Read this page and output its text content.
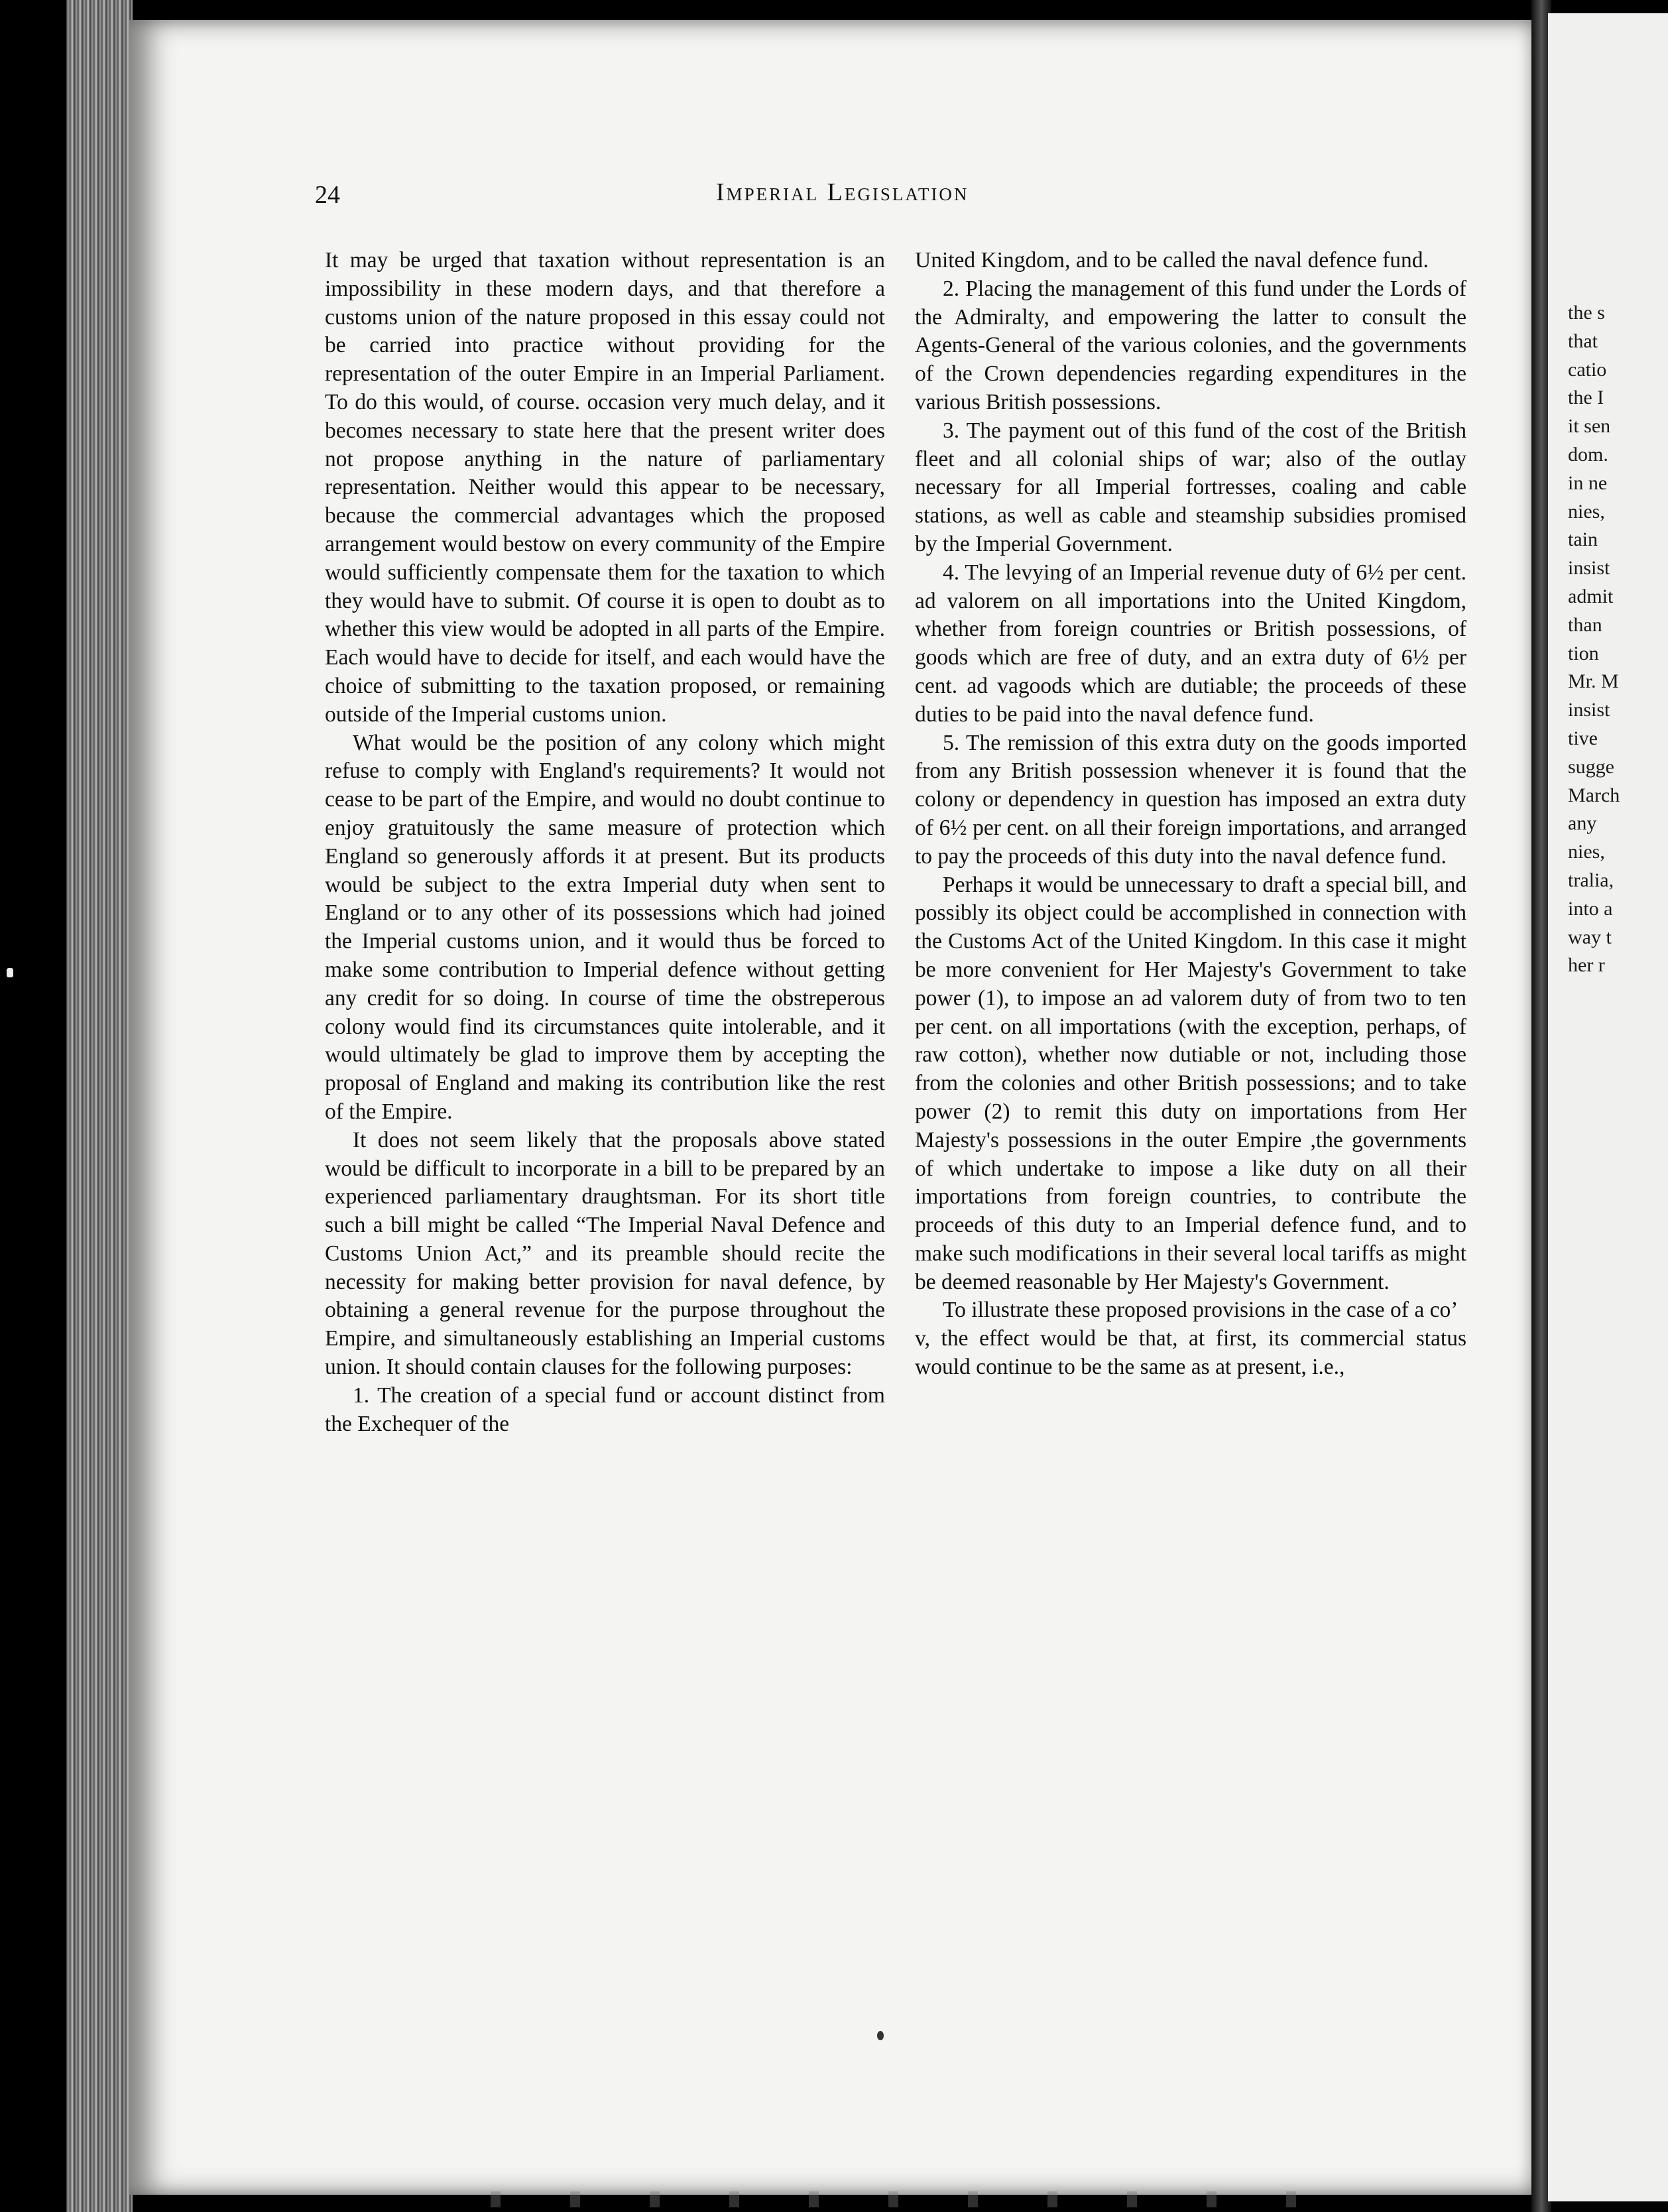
24	Imperial Legislation

It may be urged that taxation without representation is an impossibility in these modern days, and that therefore a customs union of the nature proposed in this essay could not be carried into practice without providing for the representation of the outer Empire in an Imperial Parliament. To do this would, of course. occasion very much delay, and it becomes necessary to state here that the present writer does not propose anything in the nature of parliamentary representation. Neither would this appear to be necessary, because the commercial advantages which the proposed arrangement would bestow on every community of the Empire would sufficiently compensate them for the taxation to which they would have to submit. Of course it is open to doubt as to whether this view would be adopted in all parts of the Empire. Each would have to decide for itself, and each would have the choice of submitting to the taxation proposed, or remaining outside of the Imperial customs union.

What would be the position of any colony which might refuse to comply with England's requirements? It would not cease to be part of the Empire, and would no doubt continue to enjoy gratuitously the same measure of protection which England so generously affords it at present. But its products would be subject to the extra Imperial duty when sent to England or to any other of its possessions which had joined the Imperial customs union, and it would thus be forced to make some contribution to Imperial defence without getting any credit for so doing. In course of time the obstreperous colony would find its circumstances quite intolerable, and it would ultimately be glad to improve them by accepting the proposal of England and making its contribution like the rest of the Empire.

It does not seem likely that the proposals above stated would be difficult to incorporate in a bill to be prepared by an experienced parliamentary draughtsman. For its short title such a bill might be called “The Imperial Naval Defence and Customs Union Act,” and its preamble should recite the necessity for making better provision for naval defence, by obtaining a general revenue for the purpose throughout the Empire, and simultaneously establishing an Imperial customs union. It should contain clauses for the following purposes:

1. The creation of a special fund or account distinct from the Exchequer of the

United Kingdom, and to be called the naval defence fund.

2. Placing the management of this fund under the Lords of the Admiralty, and empowering the latter to consult the Agents-General of the various colonies, and the governments of the Crown dependencies regarding expenditures in the various British possessions.

3. The payment out of this fund of the cost of the British fleet and all colonial ships of war; also of the outlay necessary for all Imperial fortresses, coaling and cable stations, as well as cable and steamship subsidies promised by the Imperial Government.

4. The levying of an Imperial revenue duty of 6½ per cent. ad valorem on all importations into the United Kingdom, whether from foreign countries or British possessions, of goods which are free of duty, and an extra duty of 6½ per cent. ad vagoods which are dutiable; the proceeds of these duties to be paid into the naval defence fund.

5. The remission of this extra duty on the goods imported from any British possession whenever it is found that the colony or dependency in question has imposed an extra duty of 6½ per cent. on all their foreign importations, and arranged to pay the proceeds of this duty into the naval defence fund.

Perhaps it would be unnecessary to draft a special bill, and possibly its object could be accomplished in connection with the Customs Act of the United Kingdom. In this case it might be more convenient for Her Majesty's Government to take power (1), to impose an ad valorem duty of from two to ten per cent. on all importations (with the exception, perhaps, of raw cotton), whether now dutiable or not, including those from the colonies and other British possessions; and to take power (2) to remit this duty on importations from Her Majesty's possessions in the outer Empire ,the governments of which undertake to impose a like duty on all their importations from foreign countries, to contribute the proceeds of this duty to an Imperial defence fund, and to make such modifications in their several local tariffs as might be deemed reasonable by Her Majesty's Government.

To illustrate these proposed provisions in the case of a co’  v, the effect would be that, at first, its commercial status would continue to be the same as at present, i.e.,

the s
that
catio
the I
it sen
dom.
in ne
nies,
tain
insist
admit
than
tion
Mr. M
insist
tive
sugge
March
any
nies,
tralia,
into a
way t
her r
